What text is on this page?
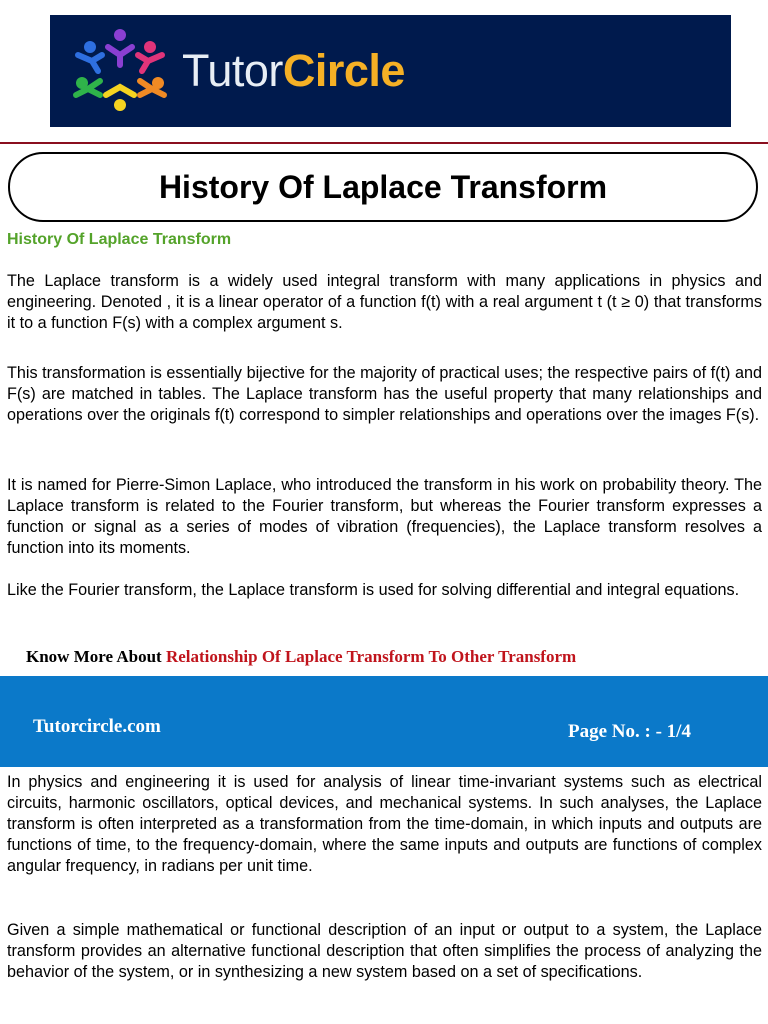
TutorCircle
History Of Laplace Transform
History Of Laplace Transform

The Laplace transform is a widely used integral transform with many applications in physics and engineering. Denoted , it is a linear operator of a function f(t) with a real argument t (t ≥ 0) that transforms it to a function F(s) with a complex argument s.

This transformation is essentially bijective for the majority of practical uses; the respective pairs of f(t) and F(s) are matched in tables. The Laplace transform has the useful property that many relationships and operations over the originals f(t) correspond to simpler relationships and operations over the images F(s).

It is named for Pierre-Simon Laplace, who introduced the transform in his work on probability theory. The Laplace transform is related to the Fourier transform, but whereas the Fourier transform expresses a function or signal as a series of modes of vibration (frequencies), the Laplace transform resolves a function into its moments.

Like the Fourier transform, the Laplace transform is used for solving differential and integral equations.

Know More About Relationship Of Laplace Transform To Other Transform
Tutorcircle.com	Page No. : - 1/4

In physics and engineering it is used for analysis of linear time-invariant systems such as electrical circuits, harmonic oscillators, optical devices, and mechanical systems. In such analyses, the Laplace transform is often interpreted as a transformation from the time-domain, in which inputs and outputs are functions of time, to the frequency-domain, where the same inputs and outputs are functions of complex angular frequency, in radians per unit time.

Given a simple mathematical or functional description of an input or output to a system, the Laplace transform provides an alternative functional description that often simplifies the process of analyzing the behavior of the system, or in synthesizing a new system based on a set of specifications.
